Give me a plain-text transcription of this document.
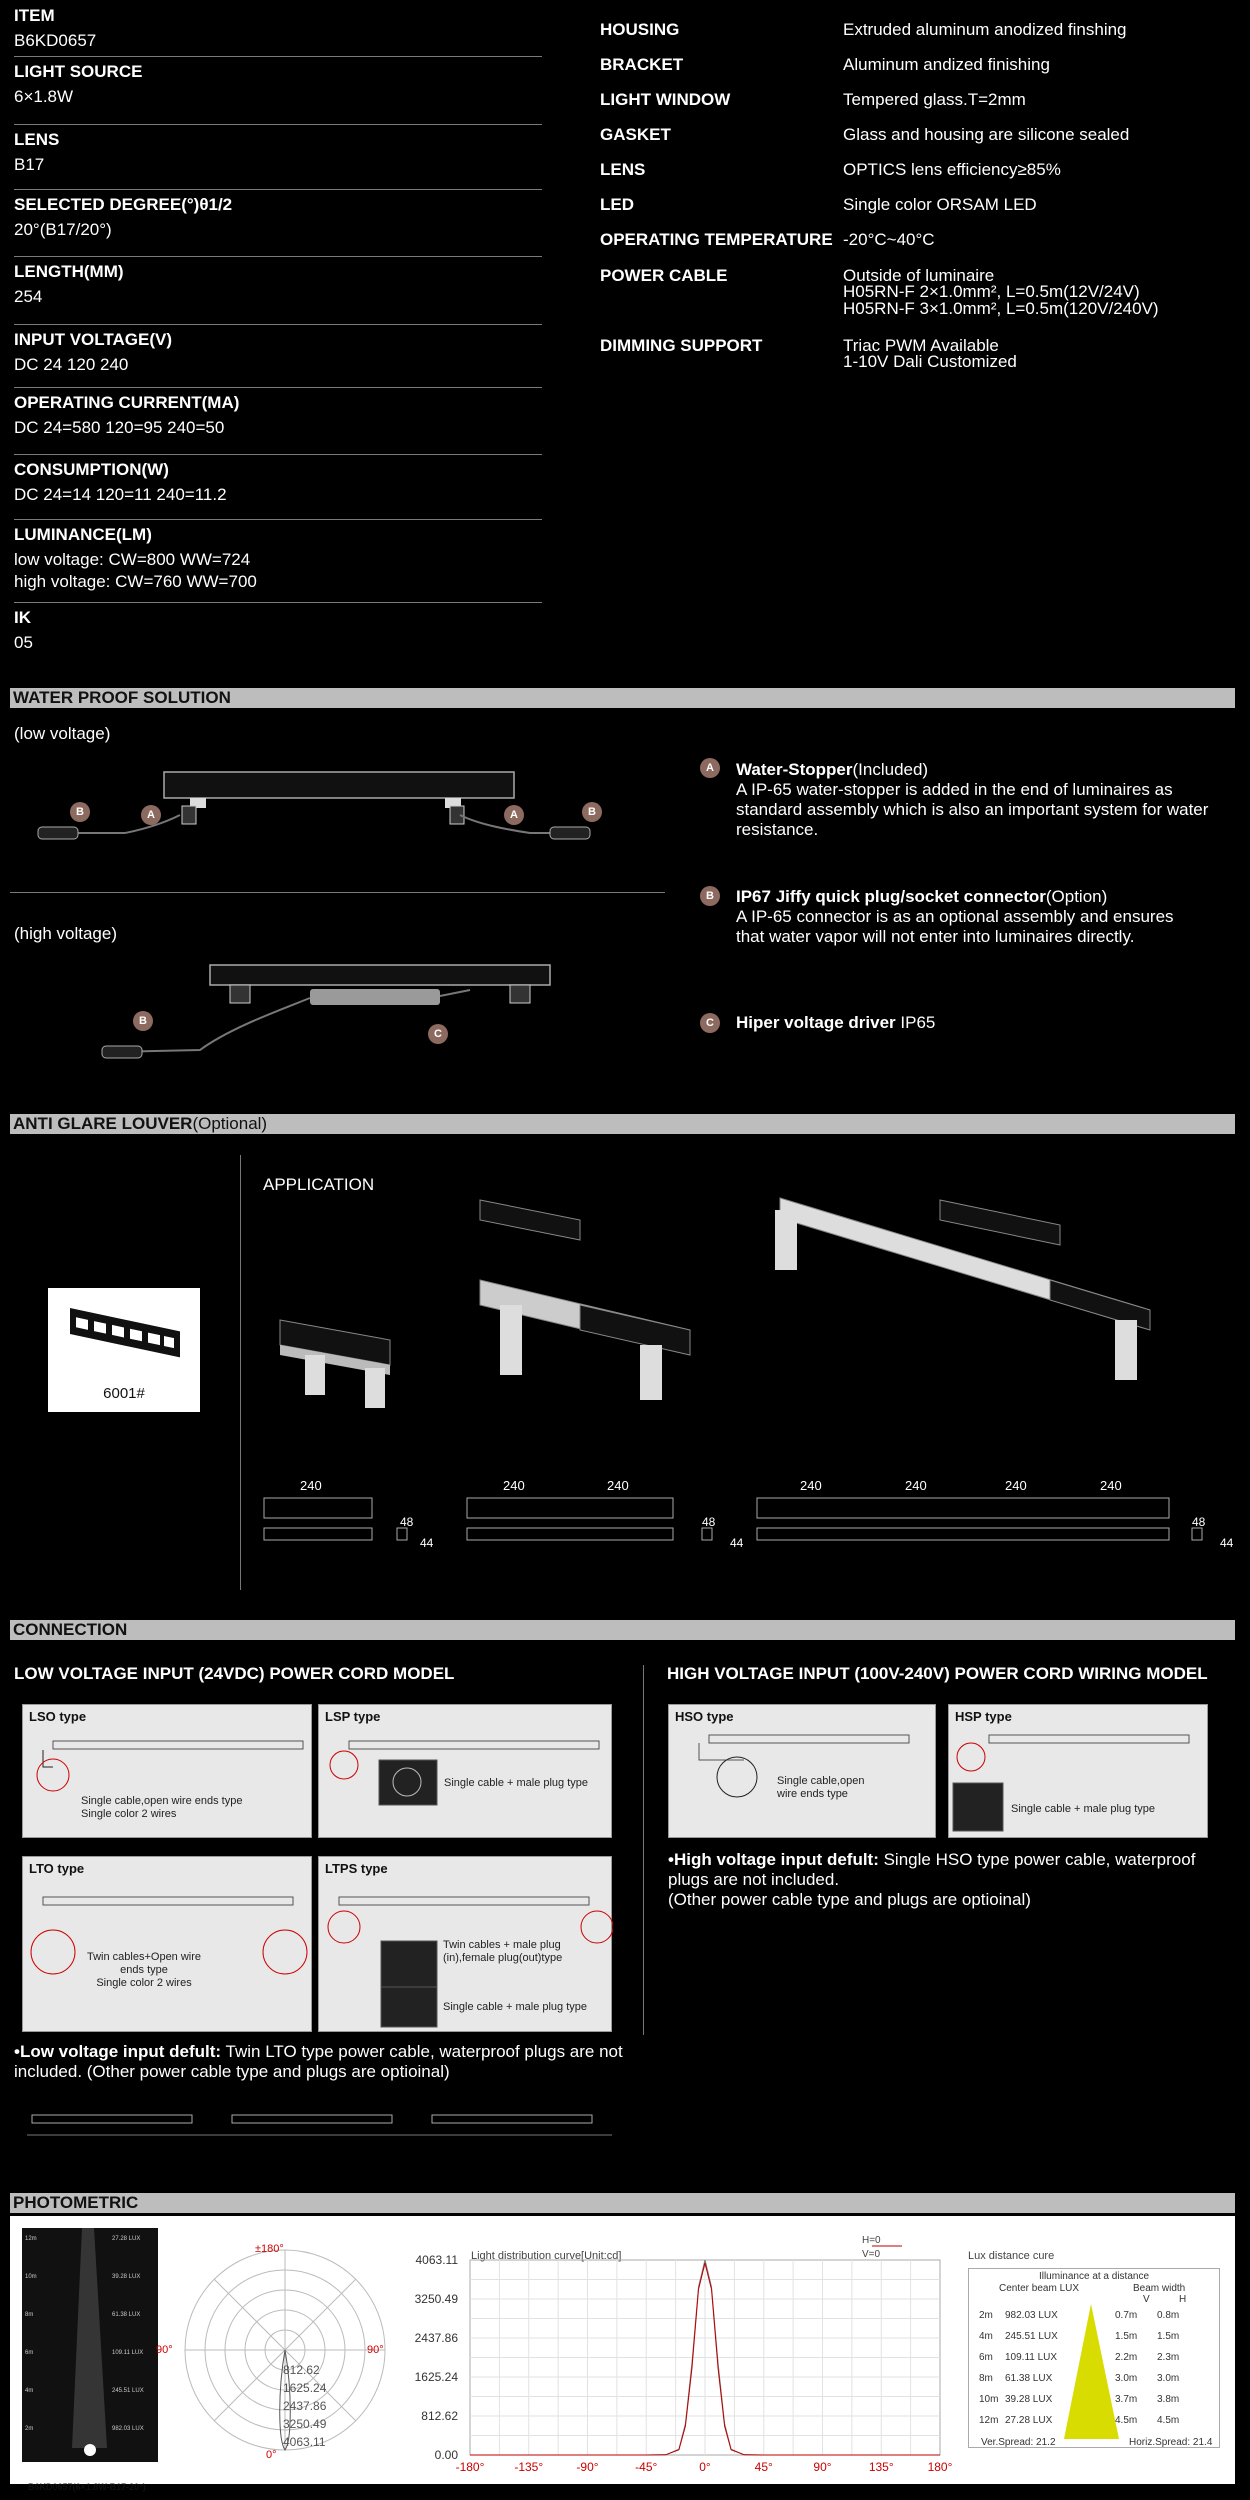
ITEM
B6KD0657
LIGHT SOURCE
6×1.8W
LENS
B17
SELECTED DEGREE(°)θ1/2
20°(B17/20°)
LENGTH(MM)
254
INPUT VOLTAGE(V)
DC 24 120 240
OPERATING CURRENT(MA)
DC 24=580 120=95 240=50
CONSUMPTION(W)
DC 24=14 120=11 240=11.2
LUMINANCE(LM)
low voltage: CW=800 WW=724
high voltage: CW=760 WW=700
IK
05
HOUSING	Extruded aluminum anodized finshing
BRACKET	Aluminum andized finishing
LIGHT WINDOW	Tempered glass.T=2mm
GASKET	Glass and housing are silicone sealed
LENS	OPTICS lens efficiency≥85%
LED	Single color ORSAM LED
OPERATING TEMPERATURE -20°C~40°C
POWER CABLE	Outside of luminaire
H05RN-F 2×1.0mm², L=0.5m(12V/24V)
H05RN-F 3×1.0mm², L=0.5m(120V/240V)
DIMMING SUPPORT	Triac PWM Available
1-10V Dali Customized
WATER PROOF SOLUTION
(low voltage)
(high voltage)
B	A	A	B
B
C
A	Water-Stopper(Included)
A IP-65 water-stopper is added in the end of luminaires as standard assembly which is also an important system for water resistance.
B	IP67 Jiffy quick plug/socket connector(Option)
A IP-65 connector is as an optional assembly and ensures that water vapor will not enter into luminaires directly.
C	Hiper voltage driver IP65
ANTI GLARE LOUVER(Optional)
APPLICATION
6001#
240	240	240	240	240	240	240
48
44
48
44
48
44
CONNECTION
LOW VOLTAGE INPUT (24VDC) POWER CORD MODEL	HIGH VOLTAGE INPUT (100V-240V) POWER CORD WIRING MODEL
LSO type
Single cable,open wire ends type
Single color 2 wires
LSP type
Single cable + male plug type
LTO type
Twin cables+Open wire
ends type
Single color 2 wires
LTPS type
Twin cables + male plug
(in),female plug(out)type
Single cable + male plug type
•Low voltage input defult: Twin LTO type power cable, waterproof plugs are not included. (Other power cable type and plugs are optioinal)
HSO type
Single cable,open
wire ends type
HSP type
Single cable + male plug type
•High voltage input defult: Single HSO type power cable, waterproof plugs are not included.
(Other power cable type and plugs are optioinal)
PHOTOMETRIC
27.28 LUX
12m
39.28 LUX
10m
61.38 LUX
8m
109.11 LUX
6m
245.51 LUX
4m
982.03 LUX
2m
B6KD0657(6×1.8W-B17-20°)
±180°
90°	90°
0°
812.62
1625.24
2437.86
3250.49
4063.11
Light distribution curve[Unit:cd]
H=0
V=0
4063.11
3250.49
2437.86
1625.24
812.62
0.00
-180° -135°	-90°	-45°	0°	45°	90°	135°	180°
Lux distance cure
Illuminance at a distance
Center beam LUX	Beam width
V	H
2m 982.03 LUX	0.7m 0.8m
4m 245.51 LUX	1.5m 1.5m
6m 109.11 LUX	2.2m 2.3m
8m 61.38 LUX	3.0m 3.0m
10m 39.28 LUX	3.7m 3.8m
12m 27.28 LUX	4.5m 4.5m
Ver.Spread: 21.2	Horiz.Spread: 21.4
